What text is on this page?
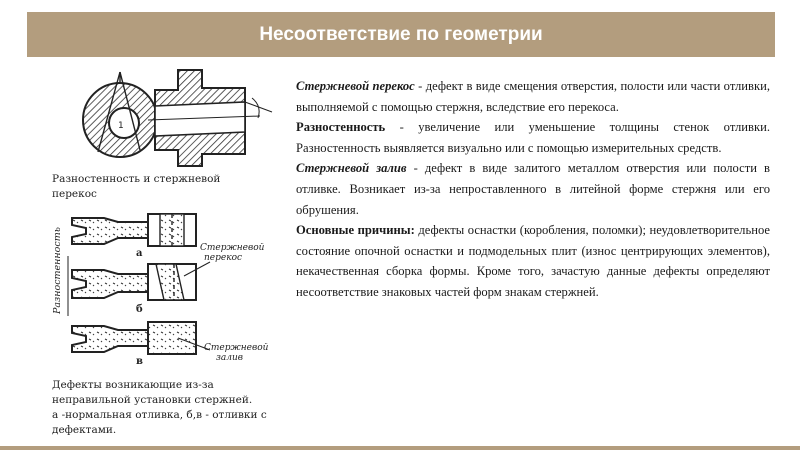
Несоответствие по геометрии
1
Разностенность и стержневой перекос
Разностенность	а
б
в
Стержневой перекос
Стержневой залив
Дефекты возникающие из-за неправильной установки стержней.
а -нормальная отливка, б,в - отливки с дефектами.

Стержневой перекос - дефект в виде смещения отверстия, полости или части отливки, выполняемой с помощью стержня, вследствие его перекоса.

Разностенность - увеличение или уменьшение толщины стенок отливки. Разностенность выявляется визуально или с помощью измерительных средств.

Стержневой залив - дефект в виде залитого металлом отверстия или полости в отливке. Возникает из-за непроставленного в литейной форме стержня или его обрушения.

Основные причины: дефекты оснастки (коробления, поломки); неудовлетворительное состояние опочной оснастки и подмодельных плит (износ центрирующих элементов), некачественная сборка формы. Кроме того, зачастую данные дефекты определяют несоответствие знаковых частей форм знакам стержней.
